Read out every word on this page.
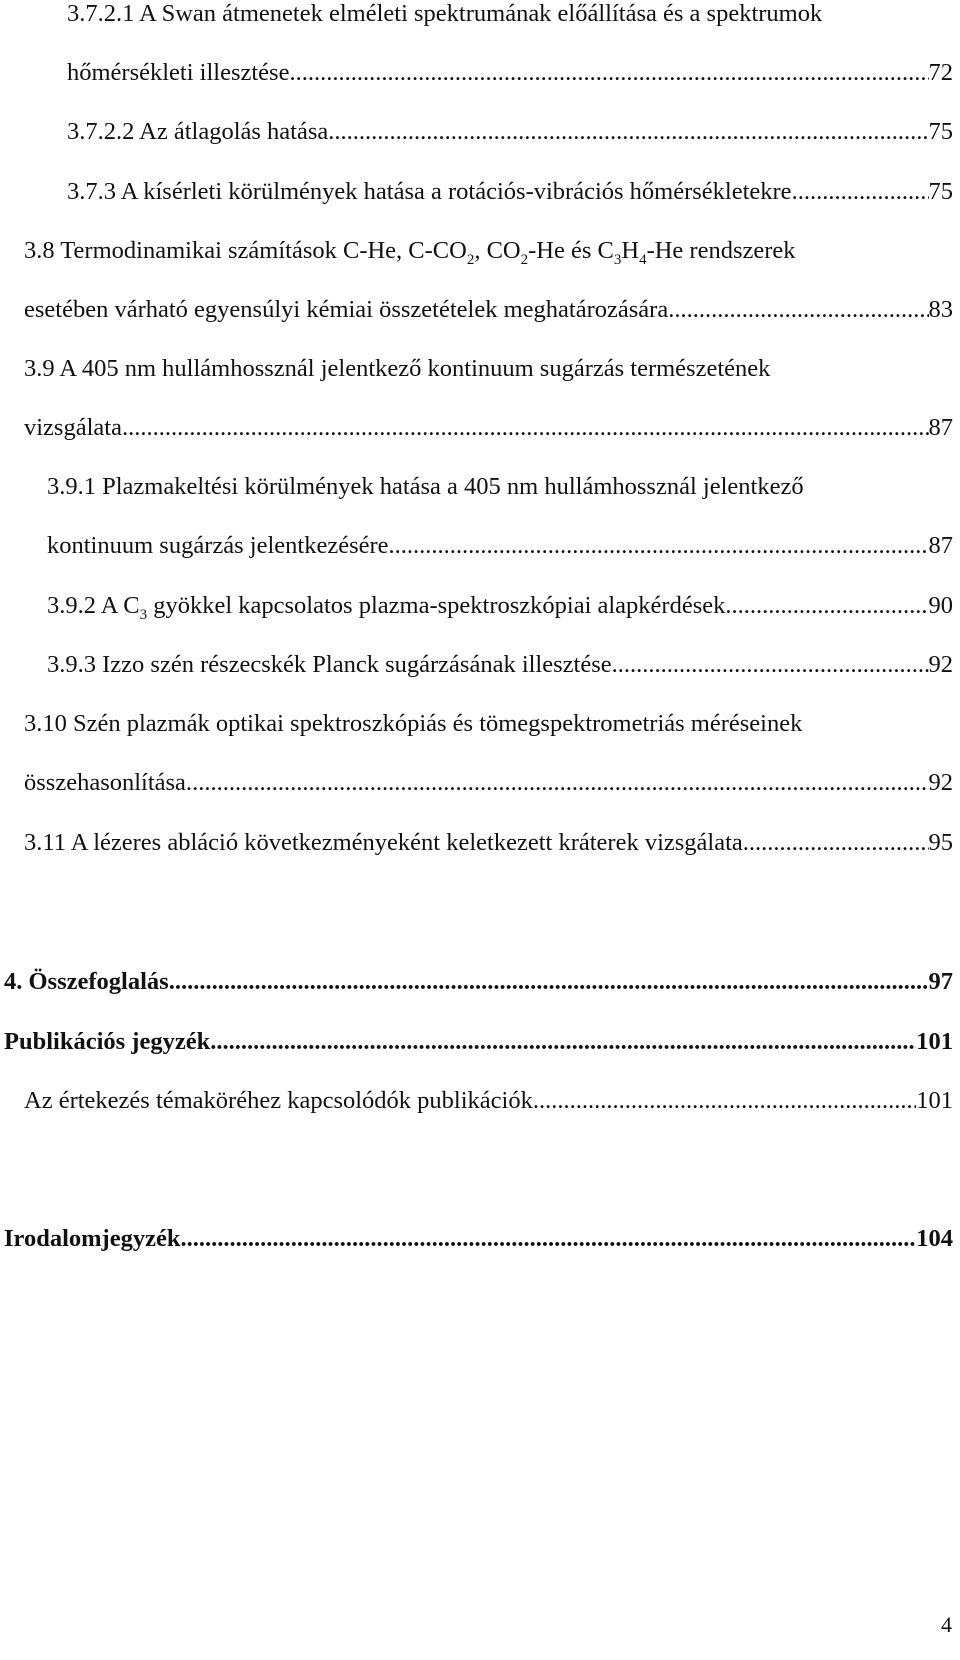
3.7.2.1 A Swan átmenetek elméleti spektrumának előállítása és a spektrumok
hőmérsékleti illesztése .....	72
3.7.2.2 Az átlagolás hatása. .....	75
3.7.3 A kísérleti körülmények hatása a rotációs-vibrációs hőmérsékletekre .....	75
3.8 Termodinamikai számítások C-He, $C-CO_2$, $CO_2-He$ és $C_3H_4-He$ rendszerek
esetében várható egyensúlyi kémiai összetételek meghatározására .....	83
3.9 A 405 nm hullámhossznál jelentkező kontinuum sugárzás természetének
vizsgálata .....	87
3.9.1 Plazmakeltési körülmények hatása a 405 nm hullámhossznál jelentkező
kontinuum sugárzás jelentkezésére .....	87
3.9.2 A $C_3$ gyökkel kapcsolatos plazma-spektroszkópiai alapkérdések .....	90
3.9.3 Izzo szén részecskék Planck sugárzásának illesztése .....	92
3.10 Szén plazmák optikai spektroszkópiás és tömegspektrometriás méréseinek
összehasonlítása. .....	92
3.11 A lézeres abláció következményeként keletkezett kráterek vizsgálata .....	95
4. Összefoglalás .....	97
Publikációs jegyzék .....	101
Az értekezés témaköréhez kapcsolódók publikációk .....	101
Irodalomjegyzék .....	104
4
